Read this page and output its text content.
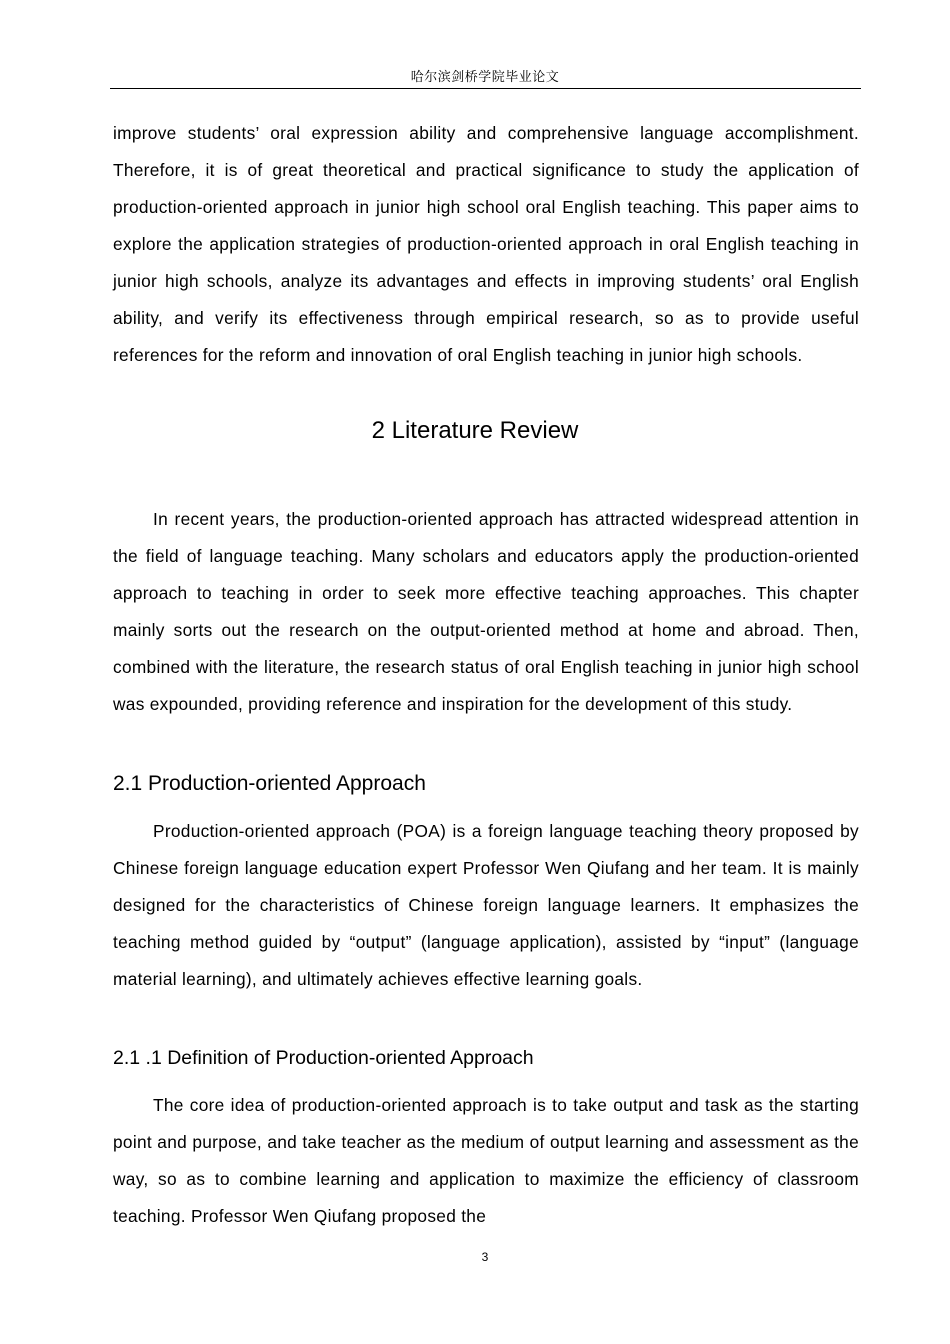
哈尔滨剑桥学院毕业论文

improve students’ oral expression ability and comprehensive language accomplishment. Therefore, it is of great theoretical and practical significance to study the application of production-oriented approach in junior high school oral English teaching. This paper aims to explore the application strategies of production-oriented approach in oral English teaching in junior high schools, analyze its advantages and effects in improving students’ oral English ability, and verify its effectiveness through empirical research, so as to provide useful references for the reform and innovation of oral English teaching in junior high schools.

2 Literature Review

In recent years, the production-oriented approach has attracted widespread attention in the field of language teaching. Many scholars and educators apply the production-oriented approach to teaching in order to seek more effective teaching approaches. This chapter mainly sorts out the research on the output-oriented method at home and abroad. Then, combined with the literature, the research status of oral English teaching in junior high school was expounded, providing reference and inspiration for the development of this study.

2.1 Production-oriented Approach

Production-oriented approach (POA) is a foreign language teaching theory proposed by Chinese foreign language education expert Professor Wen Qiufang and her team. It is mainly designed for the characteristics of Chinese foreign language learners. It emphasizes the teaching method guided by “output” (language application), assisted by “input” (language material learning), and ultimately achieves effective learning goals.

2.1 .1 Definition of Production-oriented Approach

The core idea of production-oriented approach is to take output and task as the starting point and purpose, and take teacher as the medium of output learning and assessment as the way, so as to combine learning and application to maximize the efficiency of classroom teaching. Professor Wen Qiufang proposed the

3
